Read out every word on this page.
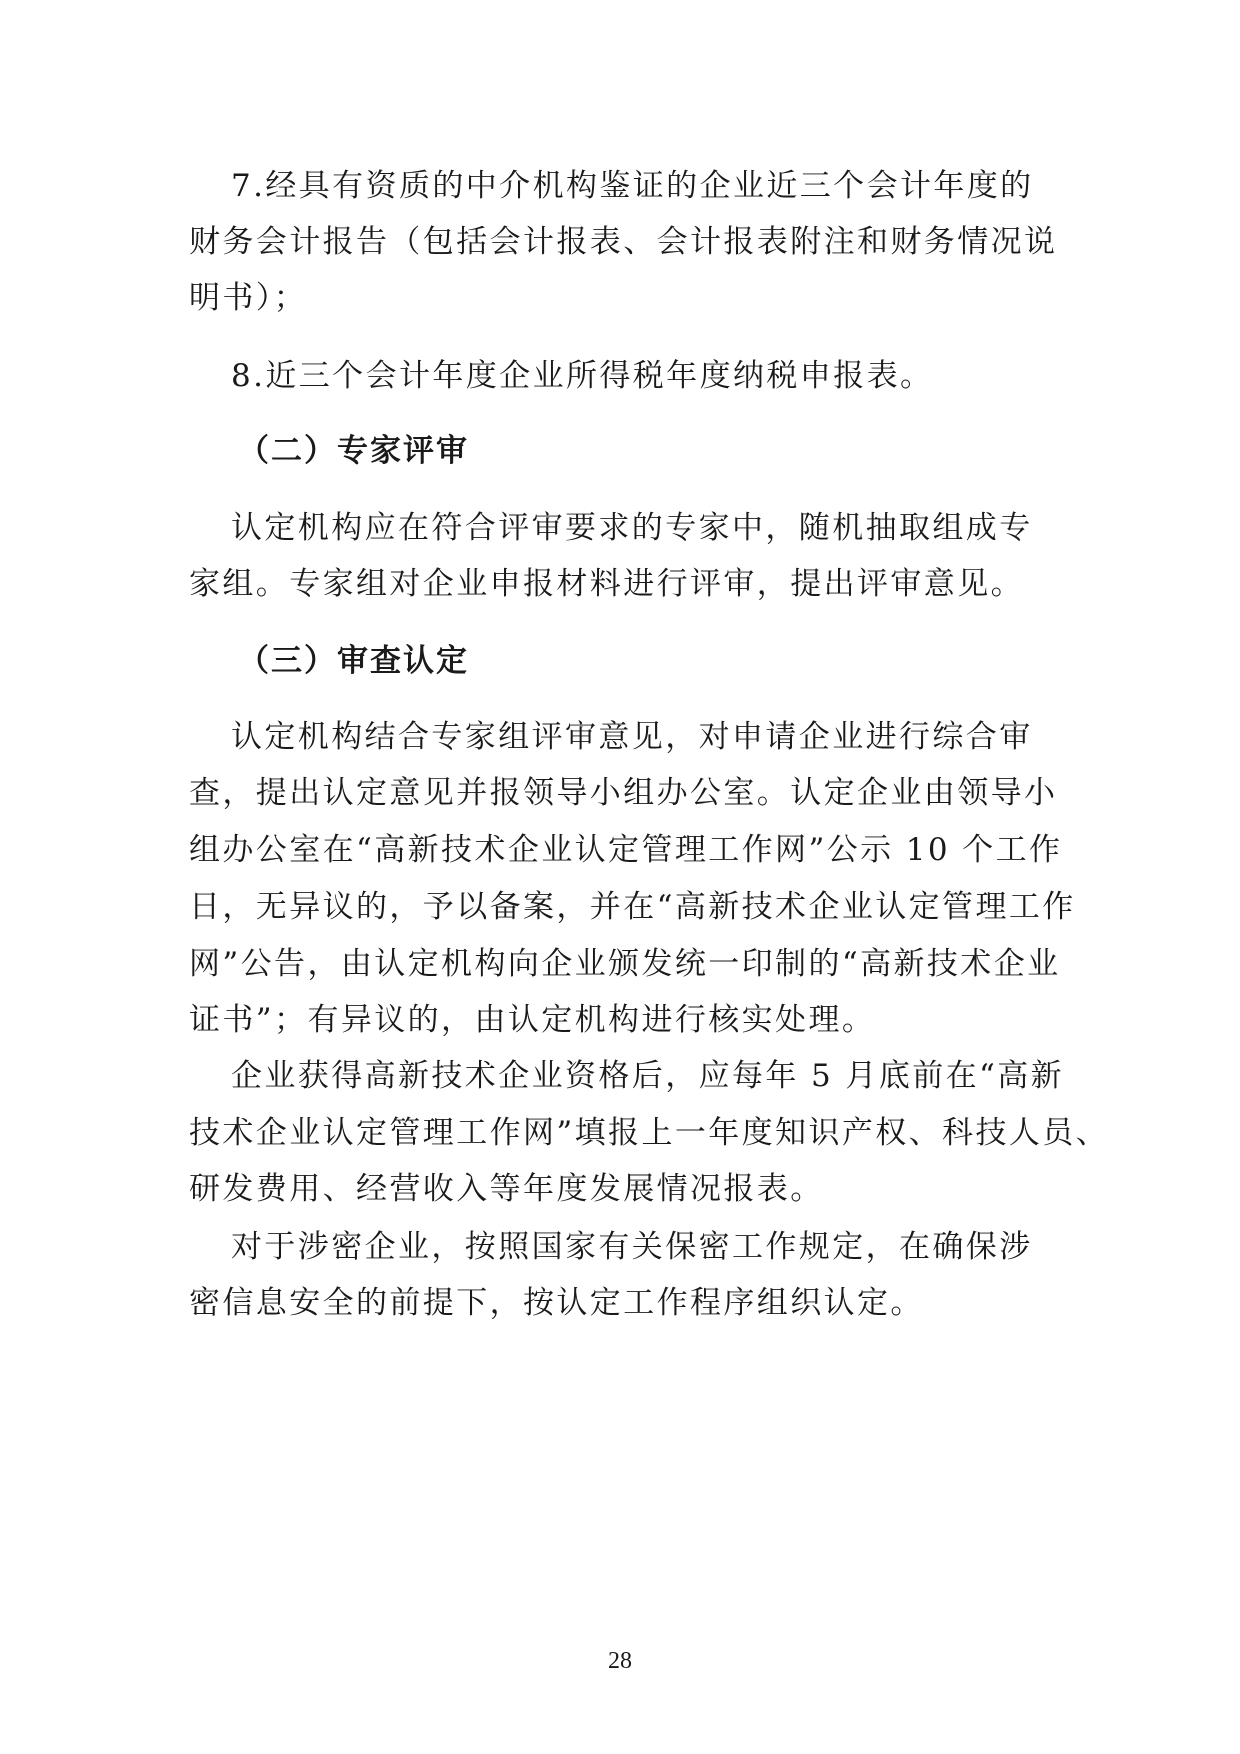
7.经具有资质的中介机构鉴证的企业近三个会计年度的
财务会计报告（包括会计报表、会计报表附注和财务情况说
明书）；
8.近三个会计年度企业所得税年度纳税申报表。
（二）专家评审
认定机构应在符合评审要求的专家中，随机抽取组成专
家组。专家组对企业申报材料进行评审，提出评审意见。
（三）审查认定
认定机构结合专家组评审意见，对申请企业进行综合审
查，提出认定意见并报领导小组办公室。认定企业由领导小
组办公室在“高新技术企业认定管理工作网”公示 10 个工作
日，无异议的，予以备案，并在“高新技术企业认定管理工作
网”公告，由认定机构向企业颁发统一印制的“高新技术企业
证书”；有异议的，由认定机构进行核实处理。
企业获得高新技术企业资格后，应每年 5 月底前在“高新
技术企业认定管理工作网”填报上一年度知识产权、科技人员、
研发费用、经营收入等年度发展情况报表。
对于涉密企业，按照国家有关保密工作规定，在确保涉
密信息安全的前提下，按认定工作程序组织认定。
28
